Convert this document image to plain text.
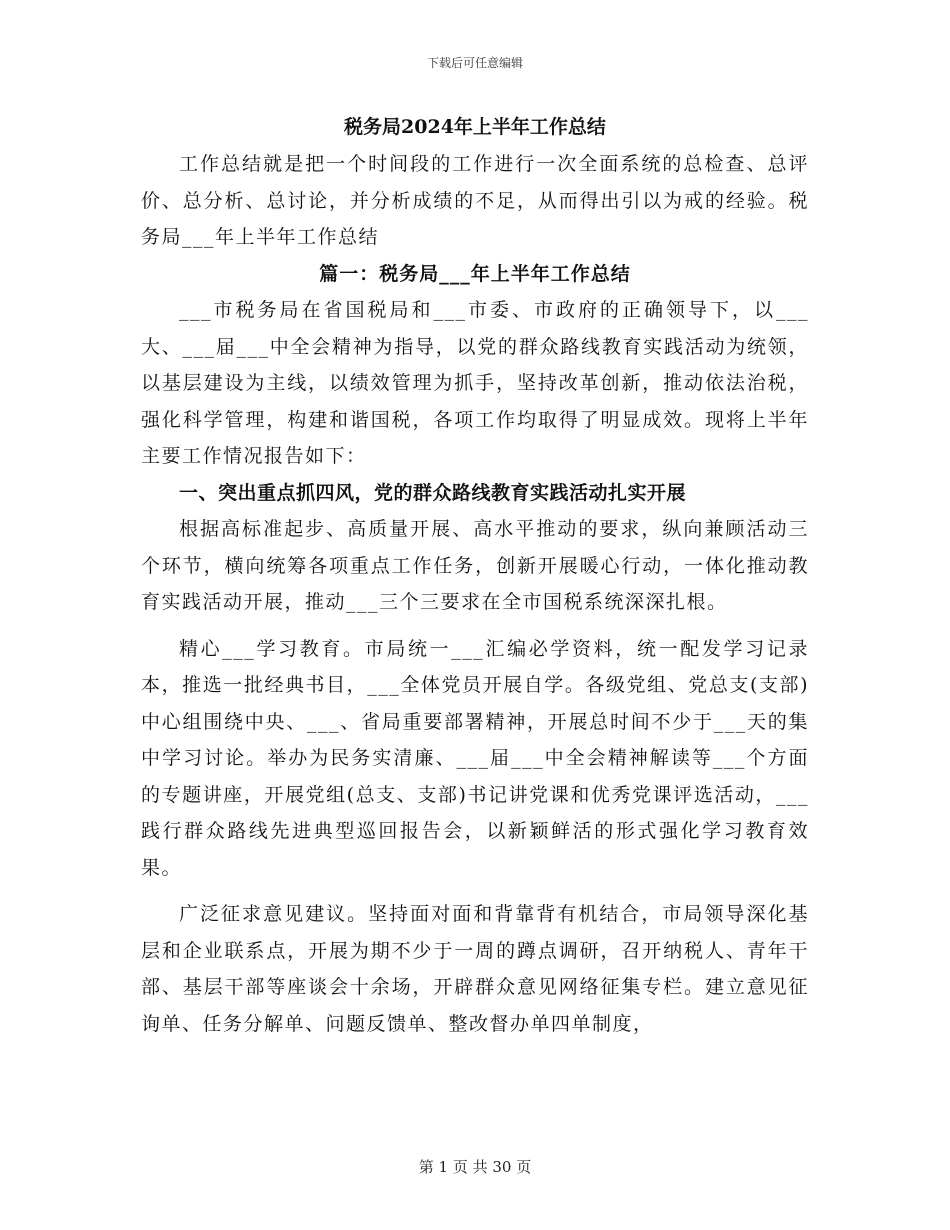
下载后可任意编辑
税务局2024年上半年工作总结

工作总结就是把一个时间段的工作进行一次全面系统的总检查、总评价、总分析、总讨论，并分析成绩的不足，从而得出引以为戒的经验。税务局___年上半年工作总结

篇一：税务局___年上半年工作总结

___市税务局在省国税局和___市委、市政府的正确领导下，以___大、___届___中全会精神为指导，以党的群众路线教育实践活动为统领，以基层建设为主线，以绩效管理为抓手，坚持改革创新，推动依法治税，强化科学管理，构建和谐国税，各项工作均取得了明显成效。现将上半年主要工作情况报告如下：

一、突出重点抓四风，党的群众路线教育实践活动扎实开展

根据高标准起步、高质量开展、高水平推动的要求，纵向兼顾活动三个环节，横向统筹各项重点工作任务，创新开展暖心行动，一体化推动教育实践活动开展，推动___三个三要求在全市国税系统深深扎根。

精心___学习教育。市局统一___汇编必学资料，统一配发学习记录本，推选一批经典书目，___全体党员开展自学。各级党组、党总支(支部)中心组围绕中央、___、省局重要部署精神，开展总时间不少于___天的集中学习讨论。举办为民务实清廉、___届___中全会精神解读等___个方面的专题讲座，开展党组(总支、支部)书记讲党课和优秀党课评选活动，___践行群众路线先进典型巡回报告会，以新颖鲜活的形式强化学习教育效果。

广泛征求意见建议。坚持面对面和背靠背有机结合，市局领导深化基层和企业联系点，开展为期不少于一周的蹲点调研，召开纳税人、青年干部、基层干部等座谈会十余场，开辟群众意见网络征集专栏。建立意见征询单、任务分解单、问题反馈单、整改督办单四单制度，

第 1 页 共 30 页
